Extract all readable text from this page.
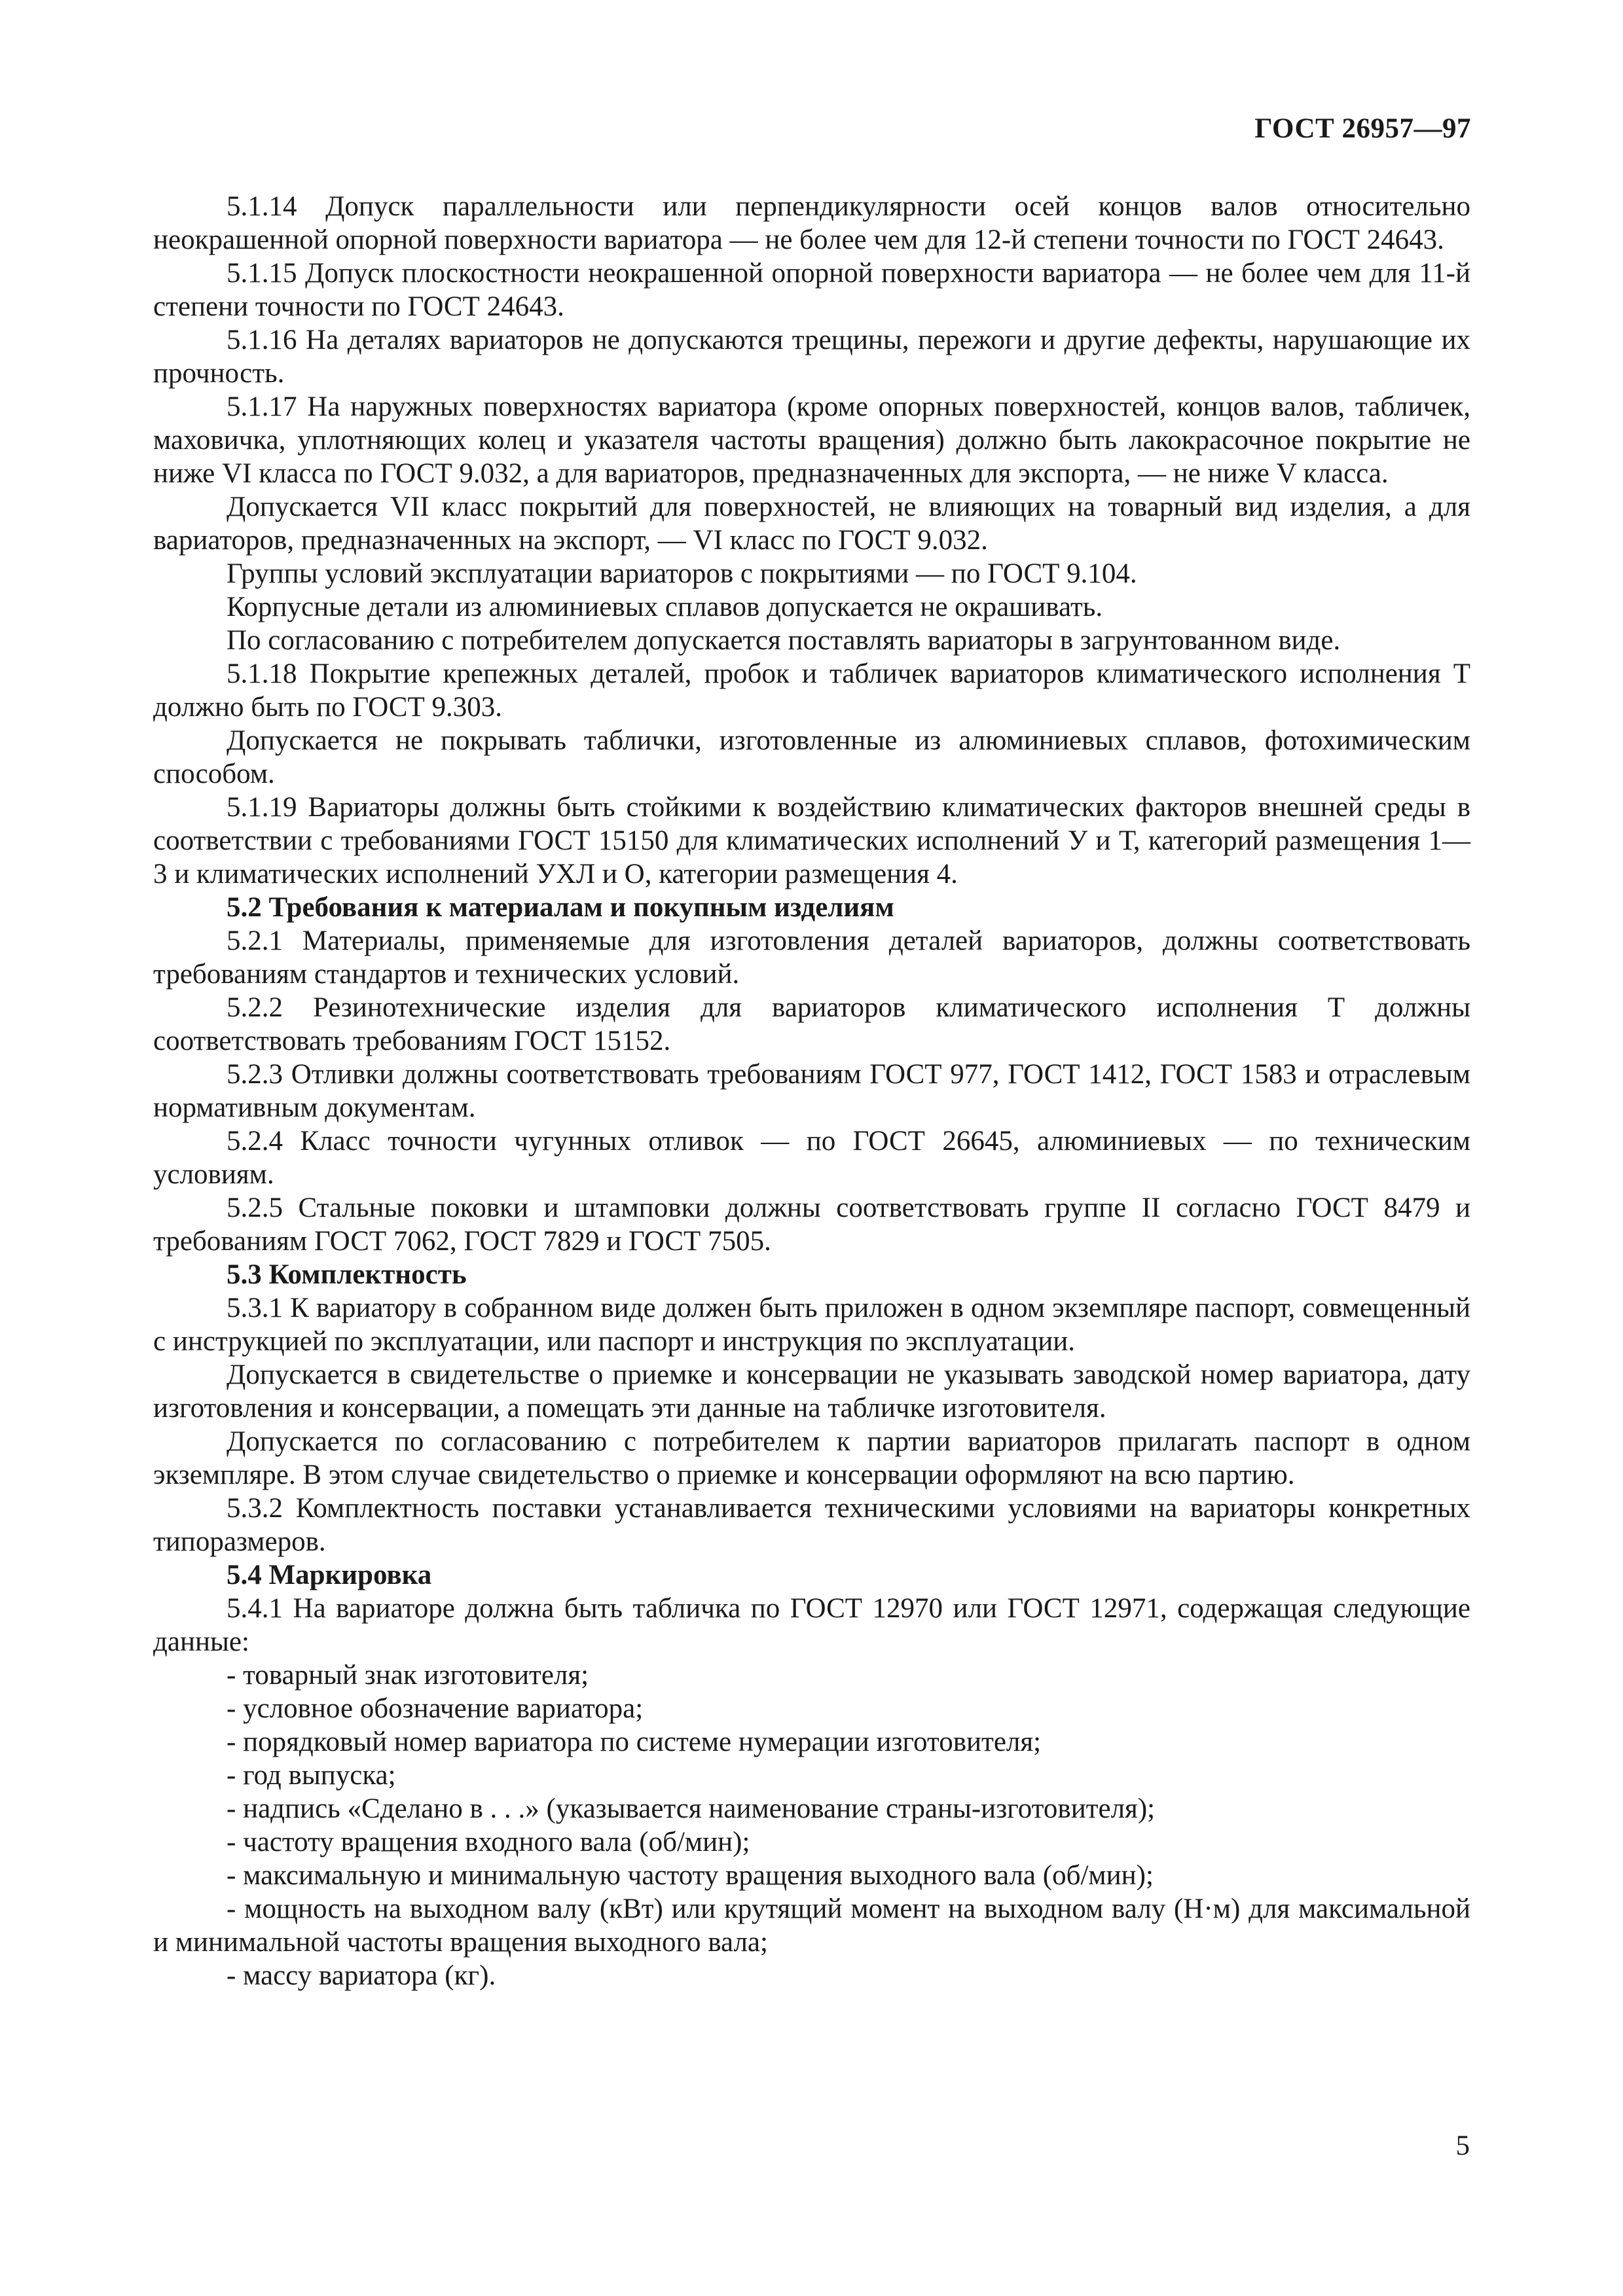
ГОСТ 26957—97

5.1.14 Допуск параллельности или перпендикулярности осей концов валов относительно неокрашенной опорной поверхности вариатора — не более чем для 12-й степени точности по ГОСТ 24643.

5.1.15 Допуск плоскостности неокрашенной опорной поверхности вариатора — не более чем для 11-й степени точности по ГОСТ 24643.

5.1.16 На деталях вариаторов не допускаются трещины, пережоги и другие дефекты, нарушающие их прочность.

5.1.17 На наружных поверхностях вариатора (кроме опорных поверхностей, концов валов, табличек, маховичка, уплотняющих колец и указателя частоты вращения) должно быть лакокрасочное покрытие не ниже VI класса по ГОСТ 9.032, а для вариаторов, предназначенных для экспорта, — не ниже V класса.

Допускается VII класс покрытий для поверхностей, не влияющих на товарный вид изделия, а для вариаторов, предназначенных на экспорт, — VI класс по ГОСТ 9.032.

Группы условий эксплуатации вариаторов с покрытиями — по ГОСТ 9.104.

Корпусные детали из алюминиевых сплавов допускается не окрашивать.

По согласованию с потребителем допускается поставлять вариаторы в загрунтованном виде.

5.1.18 Покрытие крепежных деталей, пробок и табличек вариаторов климатического исполнения Т должно быть по ГОСТ 9.303.

Допускается не покрывать таблички, изготовленные из алюминиевых сплавов, фотохимическим способом.

5.1.19 Вариаторы должны быть стойкими к воздействию климатических факторов внешней среды в соответствии с требованиями ГОСТ 15150 для климатических исполнений У и Т, категорий размещения 1—3 и климатических исполнений УХЛ и О, категории размещения 4.

5.2 Требования к материалам и покупным изделиям

5.2.1 Материалы, применяемые для изготовления деталей вариаторов, должны соответствовать требованиям стандартов и технических условий.

5.2.2 Резинотехнические изделия для вариаторов климатического исполнения Т должны соответствовать требованиям ГОСТ 15152.

5.2.3 Отливки должны соответствовать требованиям ГОСТ 977, ГОСТ 1412, ГОСТ 1583 и отраслевым нормативным документам.

5.2.4 Класс точности чугунных отливок — по ГОСТ 26645, алюминиевых — по техническим условиям.

5.2.5 Стальные поковки и штамповки должны соответствовать группе II согласно ГОСТ 8479 и требованиям ГОСТ 7062, ГОСТ 7829 и ГОСТ 7505.

5.3 Комплектность

5.3.1 К вариатору в собранном виде должен быть приложен в одном экземпляре паспорт, совмещенный с инструкцией по эксплуатации, или паспорт и инструкция по эксплуатации.

Допускается в свидетельстве о приемке и консервации не указывать заводской номер вариатора, дату изготовления и консервации, а помещать эти данные на табличке изготовителя.

Допускается по согласованию с потребителем к партии вариаторов прилагать паспорт в одном экземпляре. В этом случае свидетельство о приемке и консервации оформляют на всю партию.

5.3.2 Комплектность поставки устанавливается техническими условиями на вариаторы конкретных типоразмеров.

5.4 Маркировка

5.4.1 На вариаторе должна быть табличка по ГОСТ 12970 или ГОСТ 12971, содержащая следующие данные:

- товарный знак изготовителя;

- условное обозначение вариатора;

- порядковый номер вариатора по системе нумерации изготовителя;

- год выпуска;

- надпись «Сделано в . . .» (указывается наименование страны-изготовителя);

- частоту вращения входного вала (об/мин);

- максимальную и минимальную частоту вращения выходного вала (об/мин);

- мощность на выходном валу (кВт) или крутящий момент на выходном валу (Н·м) для максимальной и минимальной частоты вращения выходного вала;

- массу вариатора (кг).

5
